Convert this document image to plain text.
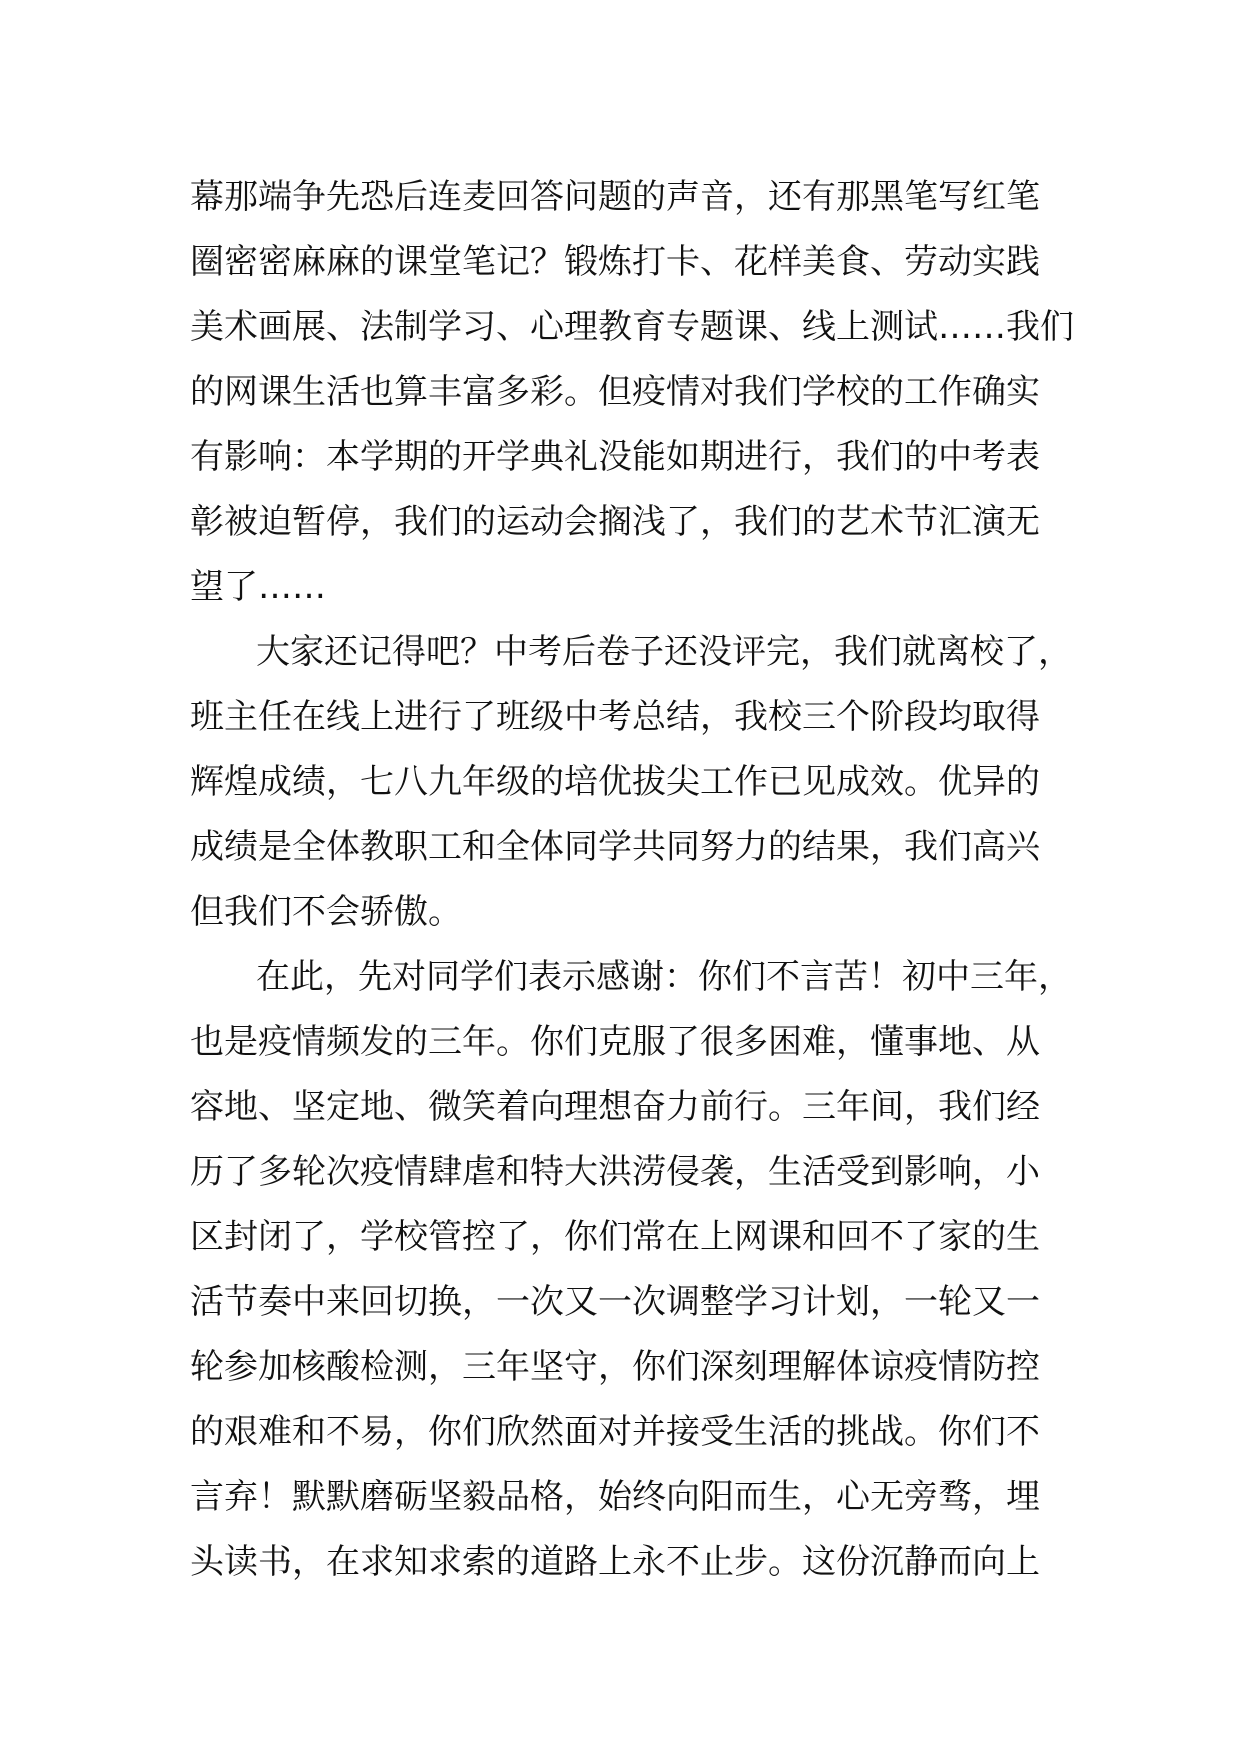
幕那端争先恐后连麦回答问题的声音，还有那黑笔写红笔
圈密密麻麻的课堂笔记？锻炼打卡、花样美食、劳动实践
美术画展、法制学习、心理教育专题课、线上测试……我们
的网课生活也算丰富多彩。但疫情对我们学校的工作确实
有影响：本学期的开学典礼没能如期进行，我们的中考表
彰被迫暂停，我们的运动会搁浅了，我们的艺术节汇演无
望了……
大家还记得吧？中考后卷子还没评完，我们就离校了，
班主任在线上进行了班级中考总结，我校三个阶段均取得
辉煌成绩，七八九年级的培优拔尖工作已见成效。优异的
成绩是全体教职工和全体同学共同努力的结果，我们高兴
但我们不会骄傲。
在此，先对同学们表示感谢：你们不言苦！初中三年，
也是疫情频发的三年。你们克服了很多困难，懂事地、从
容地、坚定地、微笑着向理想奋力前行。三年间，我们经
历了多轮次疫情肆虐和特大洪涝侵袭，生活受到影响，小
区封闭了，学校管控了，你们常在上网课和回不了家的生
活节奏中来回切换，一次又一次调整学习计划，一轮又一
轮参加核酸检测，三年坚守，你们深刻理解体谅疫情防控
的艰难和不易，你们欣然面对并接受生活的挑战。你们不
言弃！默默磨砺坚毅品格，始终向阳而生，心无旁骛，埋
头读书，在求知求索的道路上永不止步。这份沉静而向上
